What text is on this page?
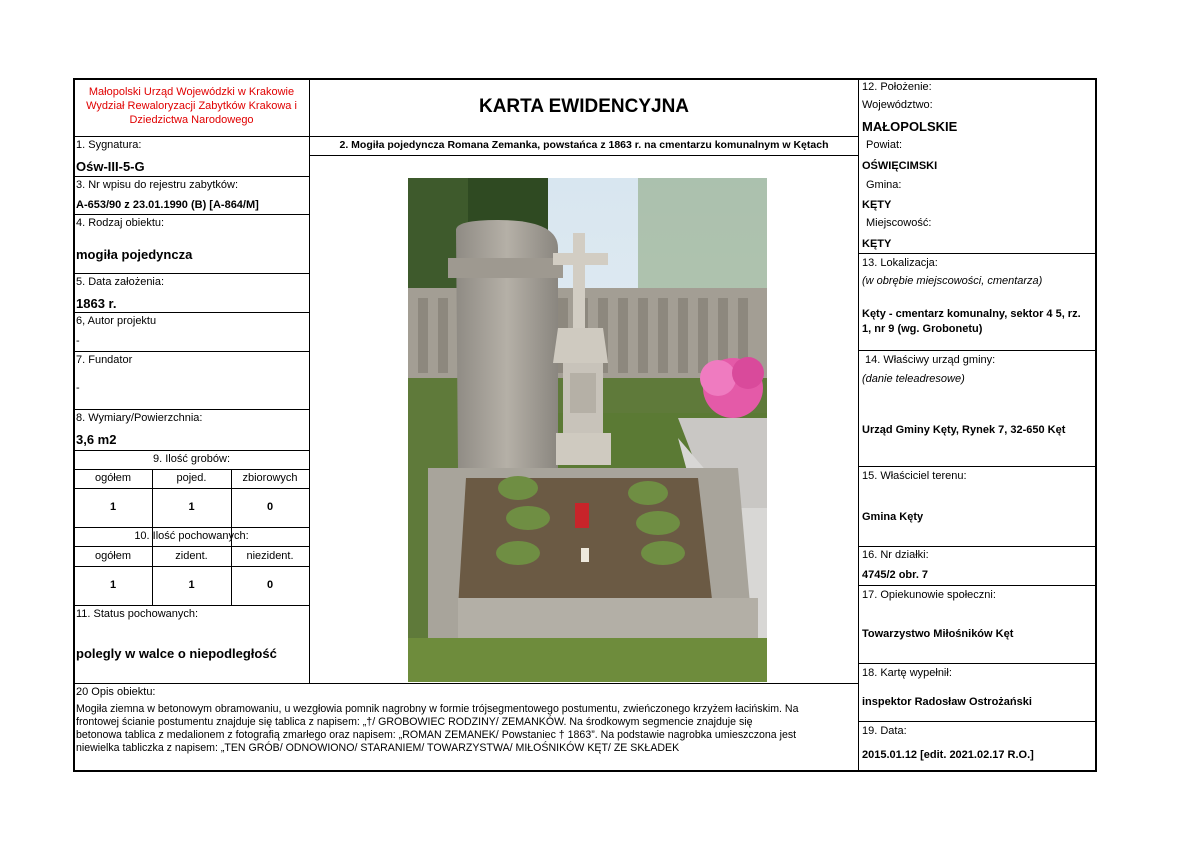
Małopolski Urząd Wojewódzki w Krakowie
Wydział Rewaloryzacji Zabytków Krakowa i
Dziedzictwa Narodowego
KARTA EWIDENCYJNA
1. Sygnatura:
Ośw-III-5-G
3. Nr wpisu do rejestru zabytków:
A-653/90 z 23.01.1990 (B) [A-864/M]
4. Rodzaj obiektu:
mogiła pojedyncza
5. Data założenia:
1863 r.
6, Autor projektu
-
7. Fundator
-
8. Wymiary/Powierzchnia:
3,6 m2
9. Ilość grobów:
ogółem	pojed.	zbiorowych
1	1	0
10. Ilość pochowanych:
ogółem	zident.	niezident.
1	1	0
11. Status pochowanych:
polegly w walce o niepodległość
2. Mogiła pojedyncza Romana Zemanka, powstańca z 1863 r. na cmentarzu komunalnym w Kętach
12. Położenie:
Województwo:
MAŁOPOLSKIE
Powiat:
OŚWIĘCIMSKI
Gmina:
KĘTY
Miejscowość:
KĘTY
13. Lokalizacja:
(w obrębie miejscowości, cmentarza)
Kęty - cmentarz komunalny, sektor 4 5, rz.
1, nr 9 (wg. Grobonetu)
14. Właściwy urząd gminy:
(danie teleadresowe)
Urząd Gminy Kęty, Rynek 7, 32-650 Kęt
15. Właściciel terenu:
Gmina Kęty
16. Nr działki:
4745/2 obr. 7
17. Opiekunowie społeczni:
Towarzystwo Miłośników Kęt
18. Kartę wypełnił:
inspektor Radosław Ostrożański
19. Data:
2015.01.12 [edit. 2021.02.17 R.O.]
20 Opis obiektu:
Mogiła ziemna w betonowym obramowaniu, u wezgłowia pomnik nagrobny w formie trójsegmentowego postumentu, zwieńczonego krzyżem łacińskim. Na
frontowej ścianie postumentu znajduje się tablica z napisem: „†/ GROBOWIEC RODZINY/ ZEMANKÓW. Na środkowym segmencie znajduje się
betonowa tablica z medalionem z fotografią zmarłego oraz napisem: „ROMAN ZEMANEK/ Powstaniec † 1863”. Na podstawie nagrobka umieszczona jest
niewielka tabliczka z napisem: „TEN GRÓB/ ODNOWIONO/ STARANIEM/ TOWARZYSTWA/ MIŁOŚNIKÓW KĘT/ ZE SKŁADEK
